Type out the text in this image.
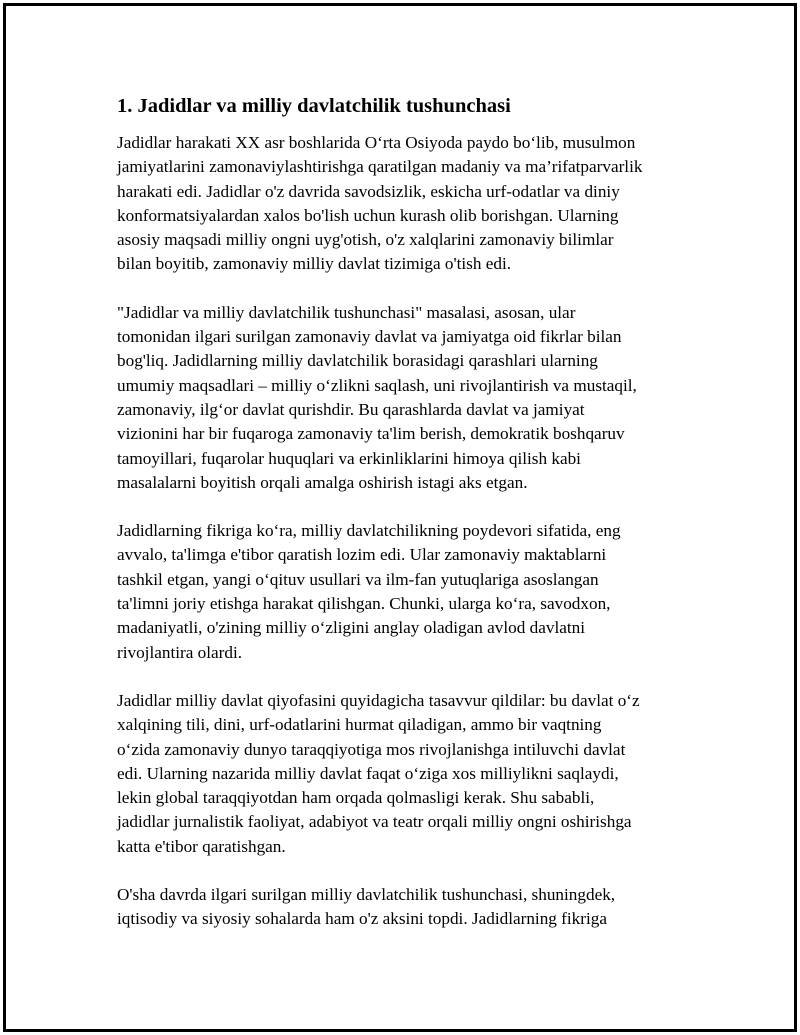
1. Jadidlar va milliy davlatchilik tushunchasi

Jadidlar harakati XX asr boshlarida O‘rta Osiyoda paydo bo‘lib, musulmon
jamiyatlarini zamonaviylashtirishga qaratilgan madaniy va ma’rifatparvarlik
harakati edi. Jadidlar o'z davrida savodsizlik, eskicha urf-odatlar va diniy
konformatsiyalardan xalos bo'lish uchun kurash olib borishgan. Ularning
asosiy maqsadi milliy ongni uyg'otish, o'z xalqlarini zamonaviy bilimlar
bilan boyitib, zamonaviy milliy davlat tizimiga o'tish edi.

"Jadidlar va milliy davlatchilik tushunchasi" masalasi, asosan, ular
tomonidan ilgari surilgan zamonaviy davlat va jamiyatga oid fikrlar bilan
bog'liq. Jadidlarning milliy davlatchilik borasidagi qarashlari ularning
umumiy maqsadlari – milliy o‘zlikni saqlash, uni rivojlantirish va mustaqil,
zamonaviy, ilg‘or davlat qurishdir. Bu qarashlarda davlat va jamiyat
vizionini har bir fuqaroga zamonaviy ta'lim berish, demokratik boshqaruv
tamoyillari, fuqarolar huquqlari va erkinliklarini himoya qilish kabi
masalalarni boyitish orqali amalga oshirish istagi aks etgan.

Jadidlarning fikriga ko‘ra, milliy davlatchilikning poydevori sifatida, eng
avvalo, ta'limga e'tibor qaratish lozim edi. Ular zamonaviy maktablarni
tashkil etgan, yangi o‘qituv usullari va ilm-fan yutuqlariga asoslangan
ta'limni joriy etishga harakat qilishgan. Chunki, ularga ko‘ra, savodxon,
madaniyatli, o'zining milliy o‘zligini anglay oladigan avlod davlatni
rivojlantira olardi.

Jadidlar milliy davlat qiyofasini quyidagicha tasavvur qildilar: bu davlat o‘z
xalqining tili, dini, urf-odatlarini hurmat qiladigan, ammo bir vaqtning
o‘zida zamonaviy dunyo taraqqiyotiga mos rivojlanishga intiluvchi davlat
edi. Ularning nazarida milliy davlat faqat o‘ziga xos milliylikni saqlaydi,
lekin global taraqqiyotdan ham orqada qolmasligi kerak. Shu sababli,
jadidlar jurnalistik faoliyat, adabiyot va teatr orqali milliy ongni oshirishga
katta e'tibor qaratishgan.

O'sha davrda ilgari surilgan milliy davlatchilik tushunchasi, shuningdek,
iqtisodiy va siyosiy sohalarda ham o'z aksini topdi. Jadidlarning fikriga
